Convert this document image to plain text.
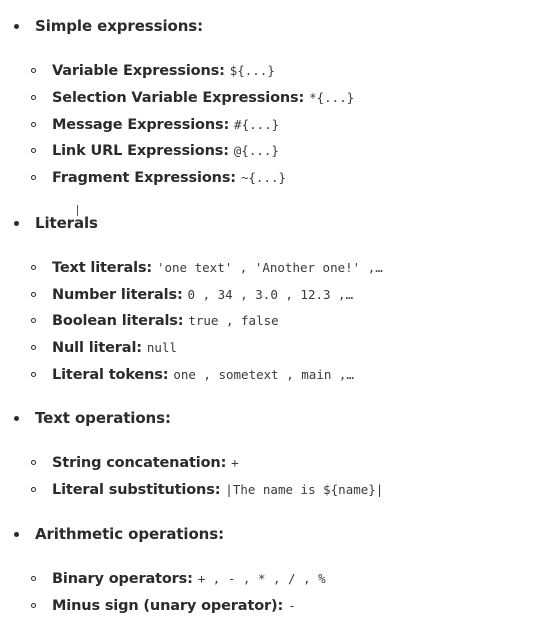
Simple expressions:
Variable Expressions: ${...}
Selection Variable Expressions: *{...}
Message Expressions: #{...}
Link URL Expressions: @{...}
Fragment Expressions: ~{...}
Literals
Text literals: 'one text' , 'Another one!' ,…
Number literals: 0 , 34 , 3.0 , 12.3 ,…
Boolean literals: true , false
Null literal: null
Literal tokens: one , sometext , main ,…
Text operations:
String concatenation: +
Literal substitutions: |The name is ${name}|
Arithmetic operations:
Binary operators: + , - , * , / , %
Minus sign (unary operator): -
